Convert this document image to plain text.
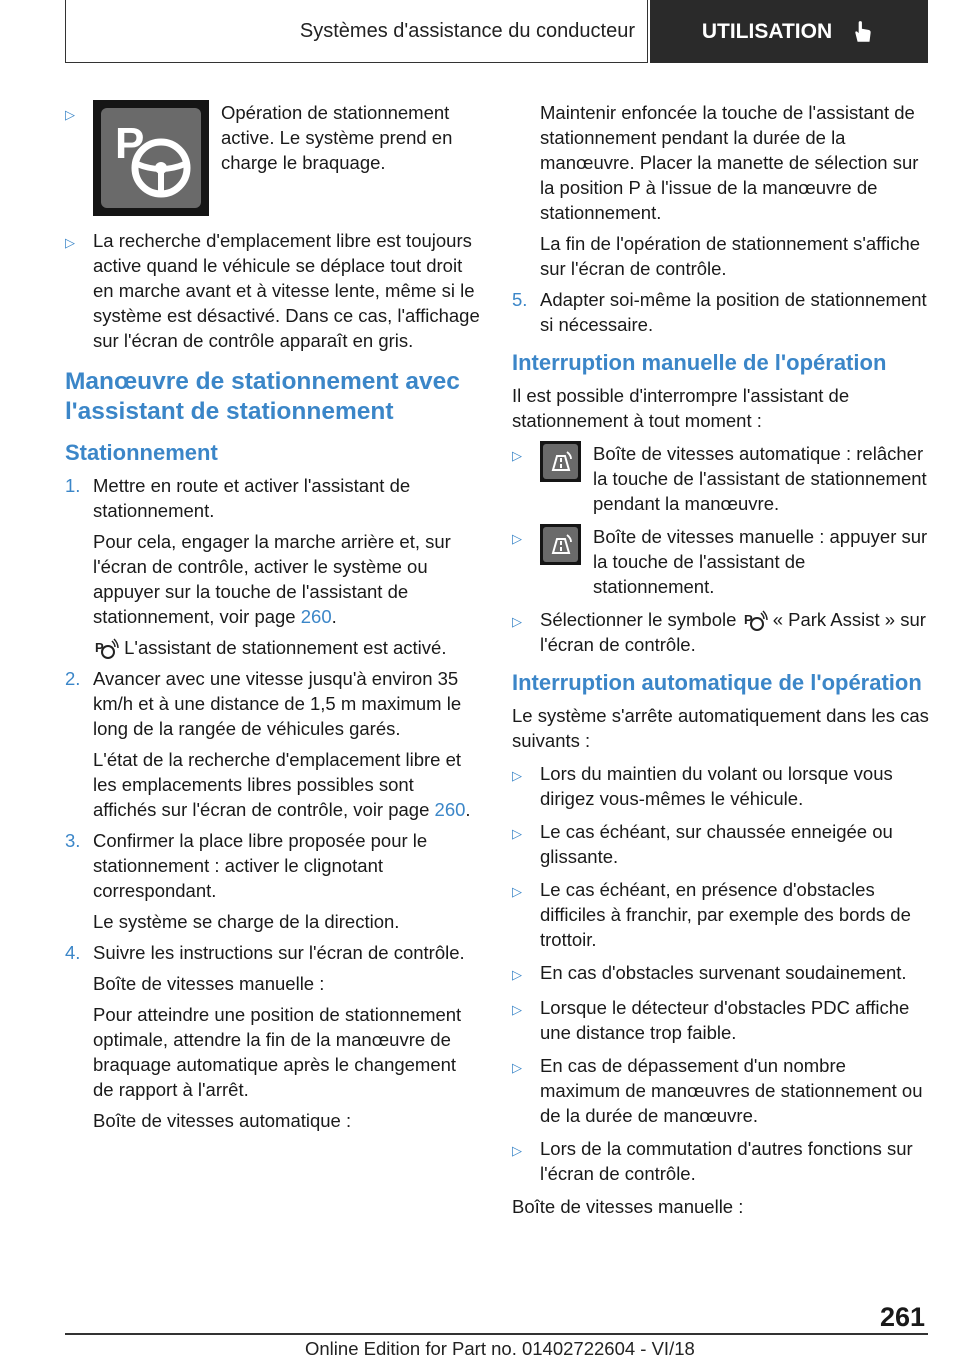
Systèmes d'assistance du conducteur	UTILISATION
▷
P
Opération de stationnement active. Le système prend en charge le braquage.
▷ La recherche d'emplacement libre est toujours active quand le véhicule se déplace tout droit en marche avant et à vitesse lente, même si le système est désactivé. Dans ce cas, l'affichage sur l'écran de contrôle apparaît en gris.
Manœuvre de stationnement avec l'assistant de stationnement
Stationnement
1. Mettre en route et activer l'assistant de stationnement.

Pour cela, engager la marche arrière et, sur l'écran de contrôle, activer le système ou appuyer sur la touche de l'assistant de stationnement, voir page 260.

P L'assistant de stationnement est activé.

2. Avancer avec une vitesse jusqu'à environ 35 km/h et à une distance de 1,5 m maximum le long de la rangée de véhicules garés.

L'état de la recherche d'emplacement libre et les emplacements libres possibles sont affichés sur l'écran de contrôle, voir page 260.

3. Confirmer la place libre proposée pour le stationnement : activer le clignotant correspondant.

Le système se charge de la direction.

4. Suivre les instructions sur l'écran de contrôle.

Boîte de vitesses manuelle :

Pour atteindre une position de stationnement optimale, attendre la fin de la manœuvre de braquage automatique après le changement de rapport à l'arrêt.

Boîte de vitesses automatique :

Maintenir enfoncée la touche de l'assistant de stationnement pendant la durée de la manœuvre. Placer la manette de sélection sur la position P à l'issue de la manœuvre de stationnement.

La fin de l'opération de stationnement s'affiche sur l'écran de contrôle.

5. Adapter soi-même la position de stationnement si nécessaire.
Interruption manuelle de l'opération

Il est possible d'interrompre l'assistant de stationnement à tout moment :

▷	Boîte de vitesses automatique : relâcher la touche de l'assistant de stationnement pendant la manœuvre.
▷	Boîte de vitesses manuelle : appuyer sur la touche de l'assistant de stationnement.
▷ Sélectionner le symbole P « Park Assist » sur l'écran de contrôle.
Interruption automatique de l'opération

Le système s'arrête automatiquement dans les cas suivants :

▷ Lors du maintien du volant ou lorsque vous dirigez vous-mêmes le véhicule.
▷ Le cas échéant, sur chaussée enneigée ou glissante.
▷ Le cas échéant, en présence d'obstacles difficiles à franchir, par exemple des bords de trottoir.
▷ En cas d'obstacles survenant soudainement.
▷ Lorsque le détecteur d'obstacles PDC affiche une distance trop faible.
▷ En cas de dépassement d'un nombre maximum de manœuvres de stationnement ou de la durée de manœuvre.
▷ Lors de la commutation d'autres fonctions sur l'écran de contrôle.

Boîte de vitesses manuelle :

261
Online Edition for Part no. 01402722604 - VI/18
